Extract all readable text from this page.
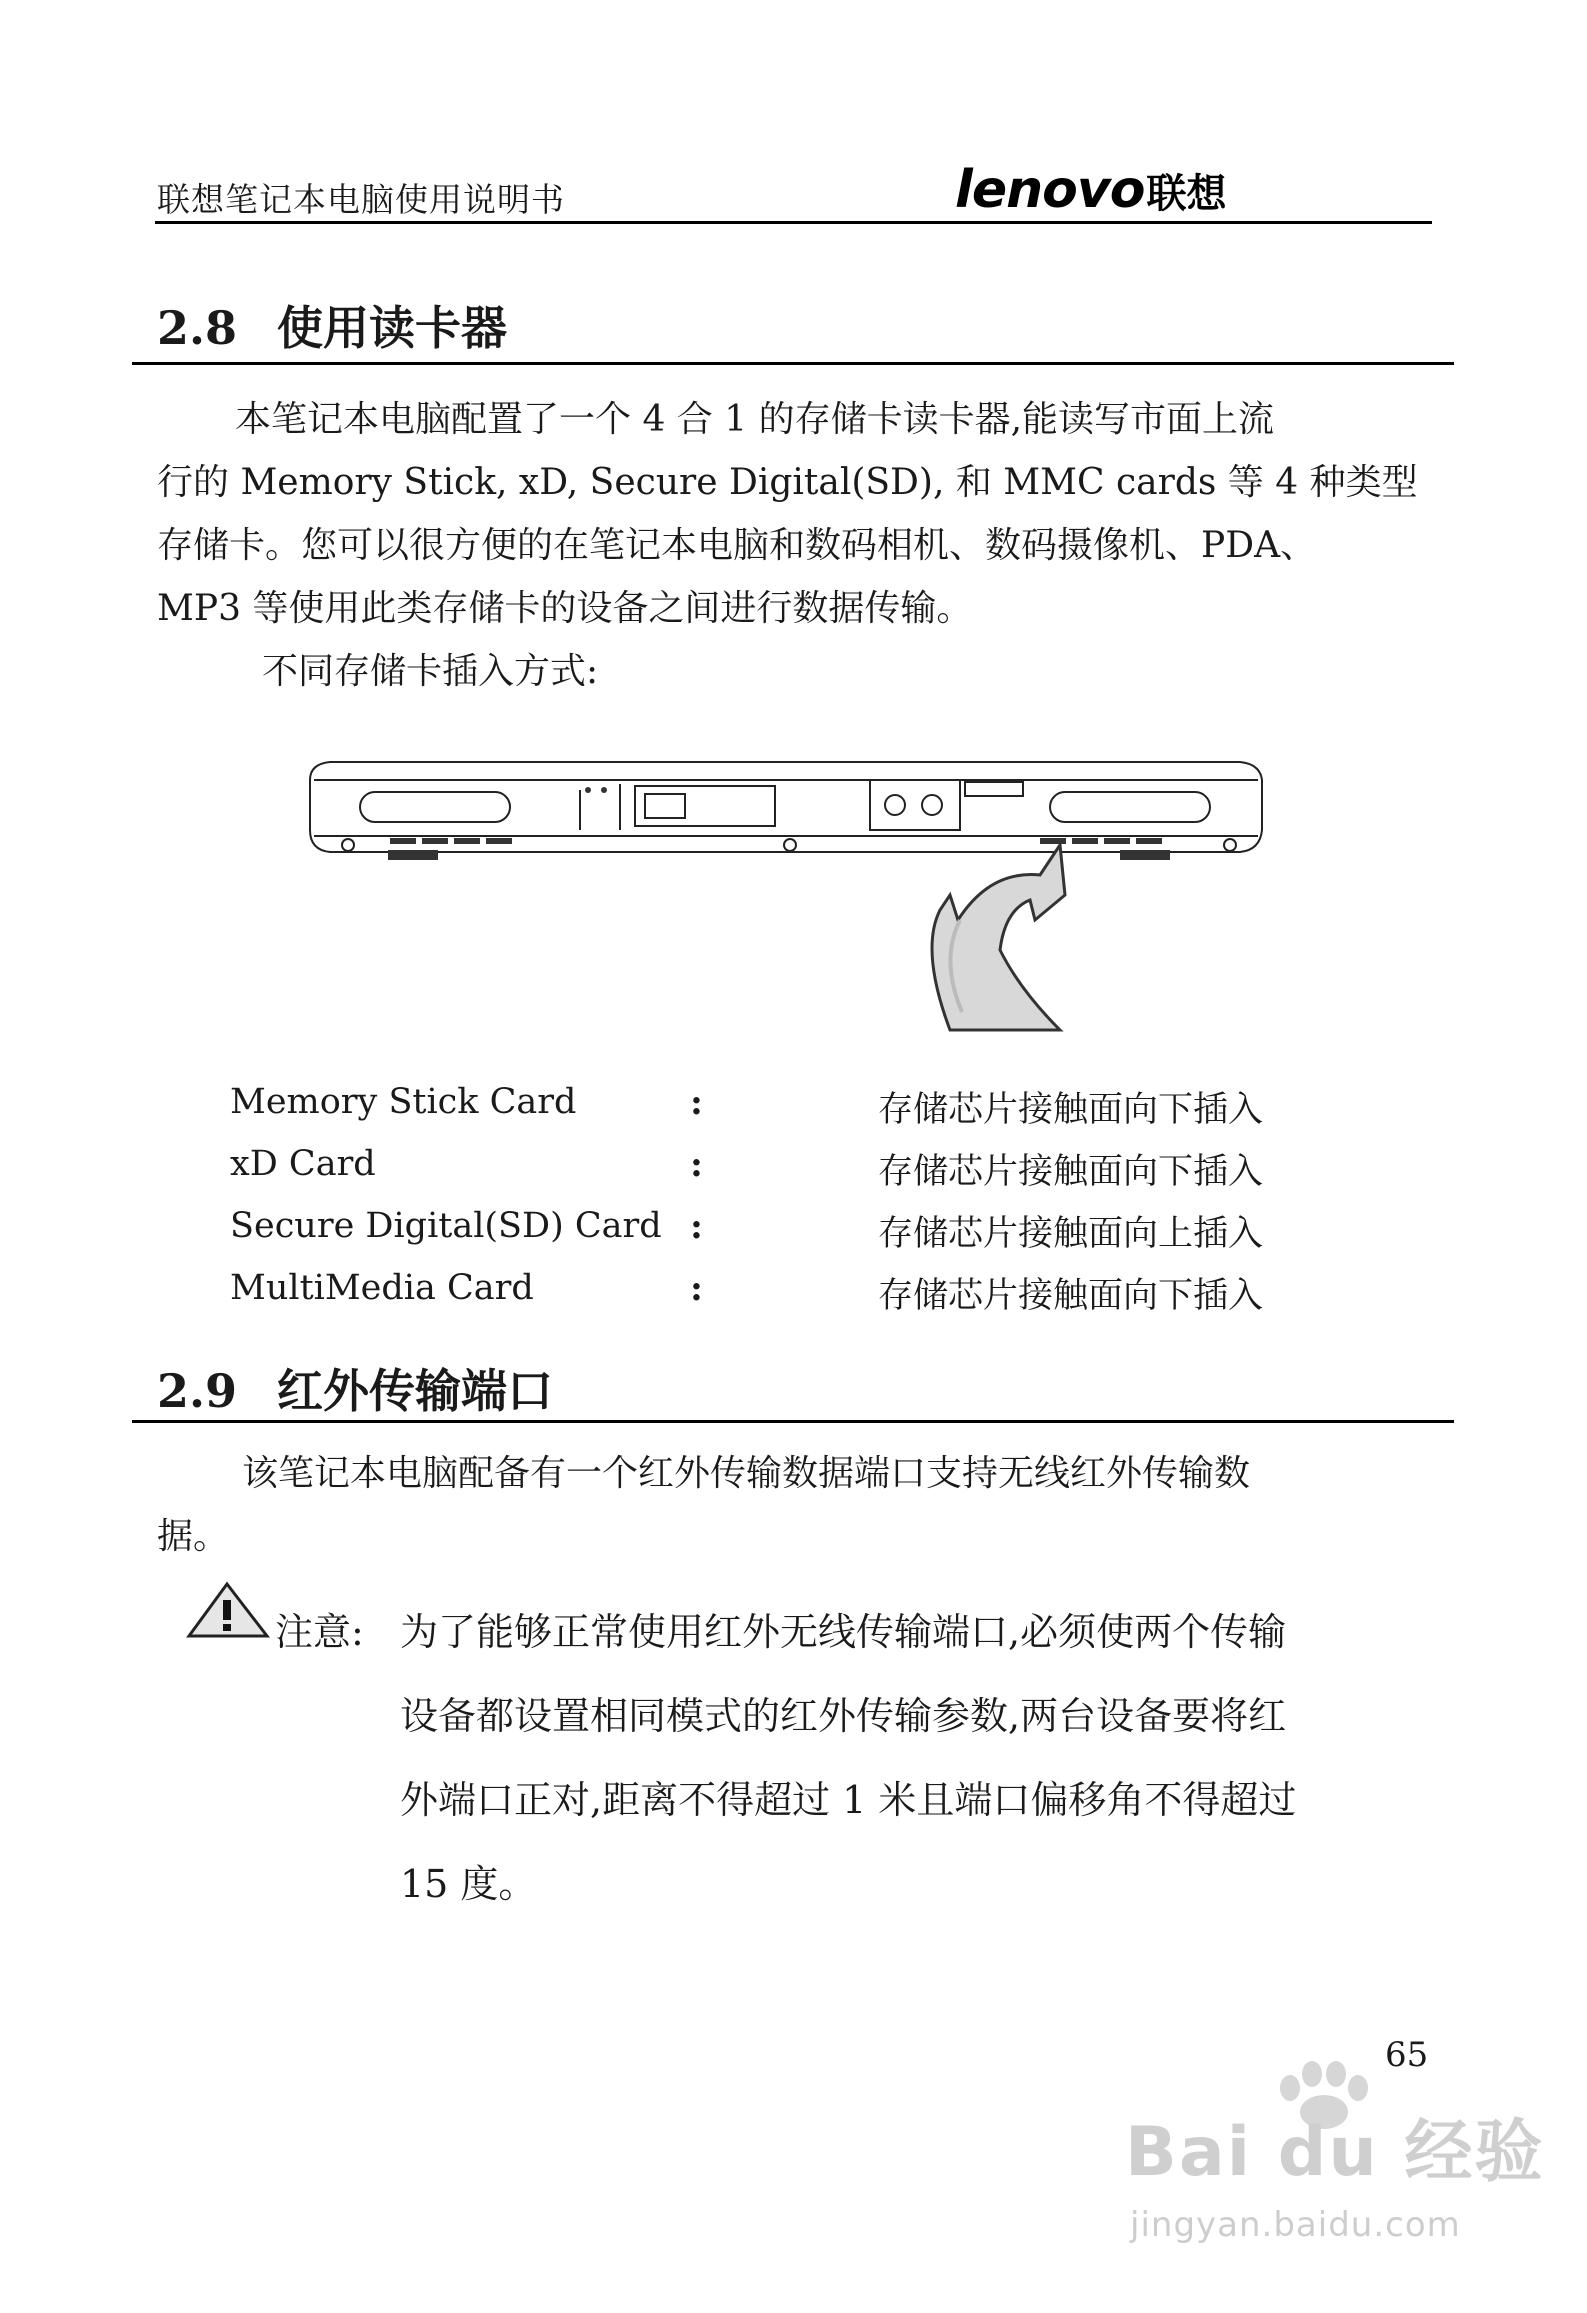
联想笔记本电脑使用说明书	lenovo联想
2.8 使用读卡器
本笔记本电脑配置了一个 4 合 1 的存储卡读卡器,能读写市面上流
行的 Memory Stick, xD, Secure Digital(SD), 和 MMC cards 等 4 种类型
存储卡。您可以很方便的在笔记本电脑和数码相机、数码摄像机、PDA、
MP3 等使用此类存储卡的设备之间进行数据传输。
不同存储卡插入方式:
Memory Stick Card	:	存储芯片接触面向下插入
xD Card	:	存储芯片接触面向下插入
Secure Digital(SD) Card :	存储芯片接触面向上插入
MultiMedia Card	:	存储芯片接触面向下插入
2.9 红外传输端口
该笔记本电脑配备有一个红外传输数据端口支持无线红外传输数
据。
注意: 为了能够正常使用红外无线传输端口,必须使两个传输
设备都设置相同模式的红外传输参数,两台设备要将红
外端口正对,距离不得超过 1 米且端口偏移角不得超过
15 度。
65
Bai du 经验
jingyan.baidu.com
